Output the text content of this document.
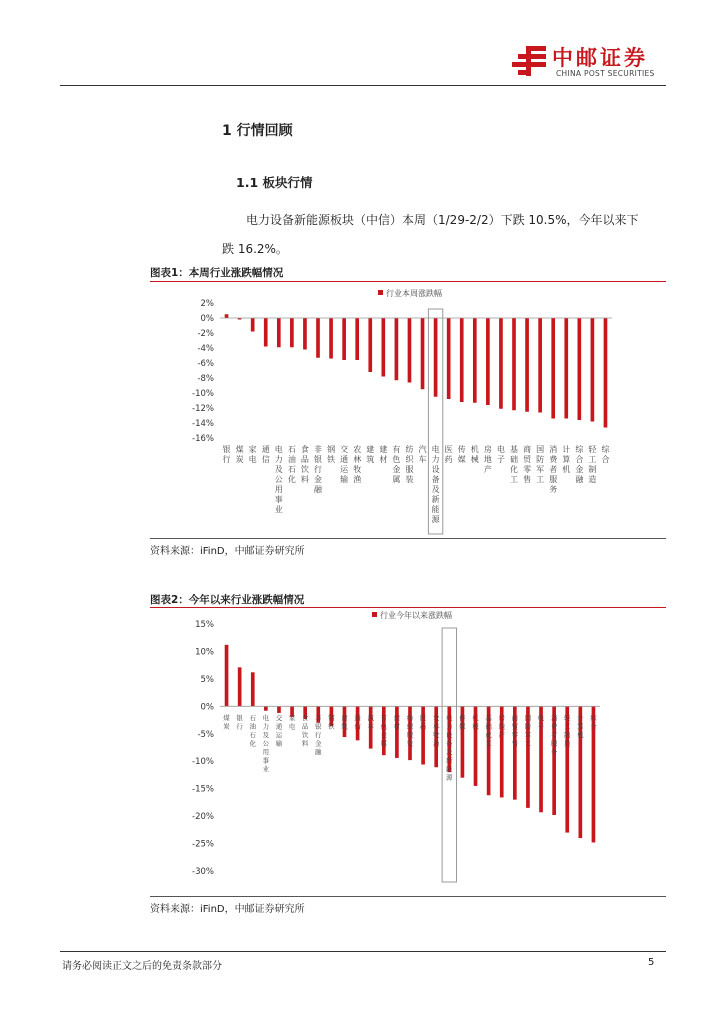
中邮证券
CHINA POST SECURITIES
1 行情回顾
1.1 板块行情
电力设备新能源板块（中信）本周（1/29-2/2）下跌 10.5%，今年以来下
跌 16.2%。
图表1：本周行业涨跌幅情况
行业本周涨跌幅
2%
0%
-2%
-4%
-6%
-8%
-10%
-12%
-14%
-16%
银行
煤炭
家电
通信
电力及公用事业
石油石化
食品饮料
非银行金融
钢铁
交通运输
农林牧渔
建筑
建材
有色金属
纺织服装
汽车
电力设备及新能源
医药
传媒
机械
房地产
电子
基础化工
商贸零售
国防军工
消费者服务
计算机
综合金融
轻工制造
综合
资料来源：iFinD，中邮证券研究所
图表2：今年以来行业涨跌幅情况
行业今年以来涨跌幅
15%
10%
5%
0%
-5%
-10%
-15%
-20%
-25%
-30%
煤炭
银行
石油石化
电力及公用事业
交通运输
家电
食品饮料
非银行金融
钢铁
建筑
通信
汽车
有色金属
建材
纺织服装
医药
农林牧渔
电力设备及新能源
传媒
机械
基础化工
房地产
商贸零售
国防军工
电子
消费者服务
轻工制造
计算机
综合
资料来源：iFinD，中邮证券研究所
请务必阅读正文之后的免责条款部分	5
